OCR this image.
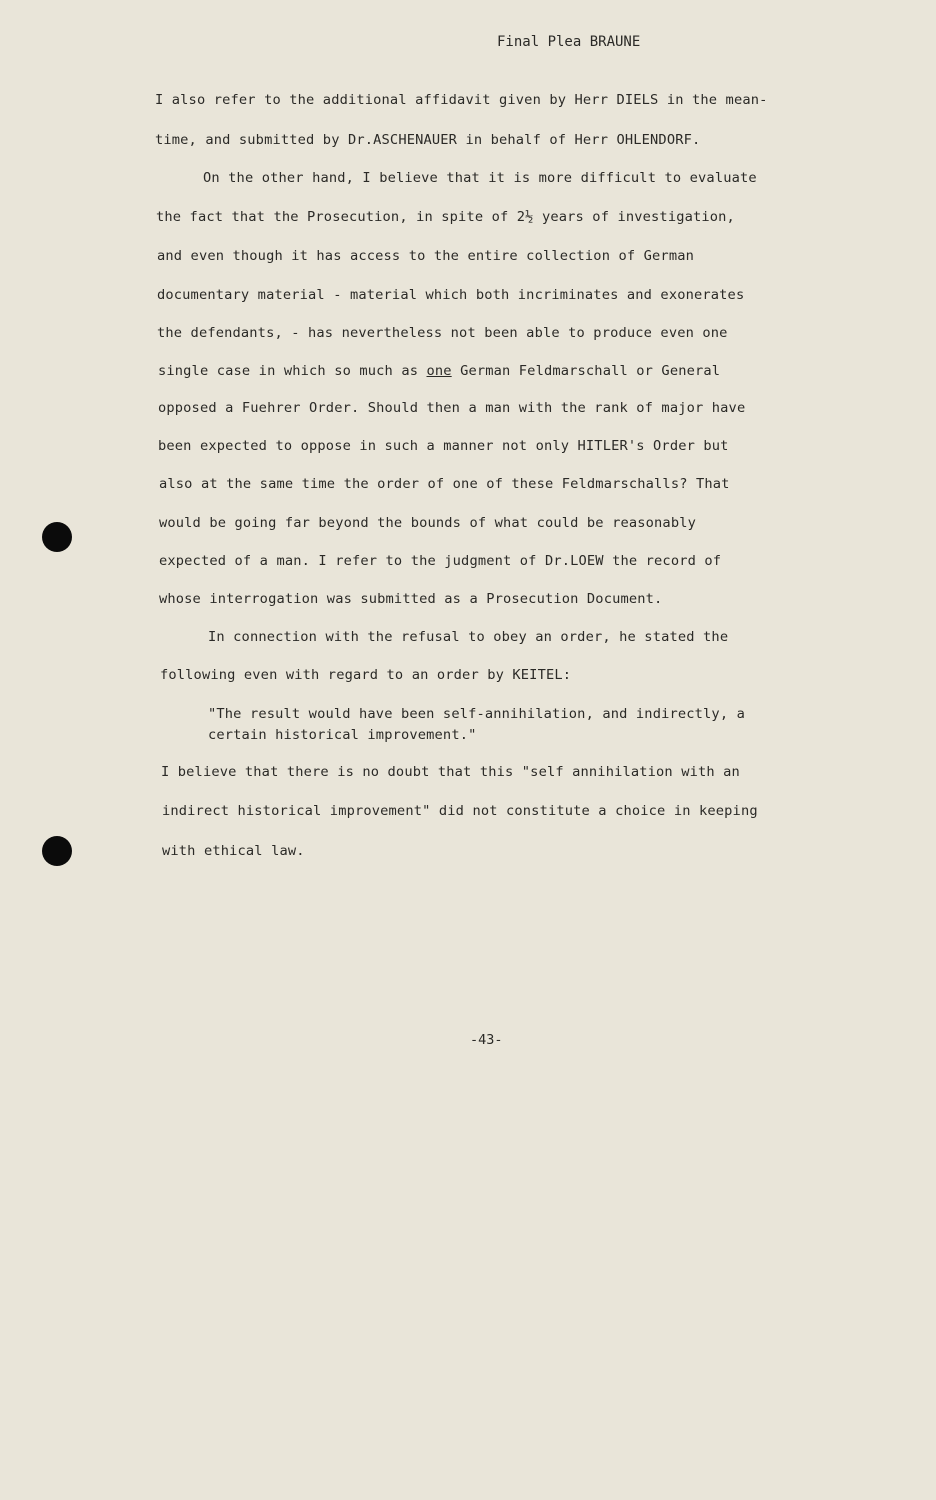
Final Plea BRAUNE
I also refer to the additional affidavit given by Herr DIELS in the mean-
time, and submitted by Dr.ASCHENAUER in behalf of Herr OHLENDORF.
On the other hand, I believe that it is more difficult to evaluate
the fact that the Prosecution, in spite of 2½ years of investigation,
and even though it has access to the entire collection of German
documentary material - material which both incriminates and exonerates
the defendants, - has nevertheless not been able to produce even one
single case in which so much as one German Feldmarschall or General
opposed a Fuehrer Order. Should then a man with the rank of major have
been expected to oppose in such a manner not only HITLER's Order but
also at the same time the order of one of these Feldmarschalls? That
would be going far beyond the bounds of what could be reasonably
expected of a man. I refer to the judgment of Dr.LOEW the record of
whose interrogation was submitted as a Prosecution Document.
In connection with the refusal to obey an order, he stated the
following even with regard to an order by KEITEL:
"The result would have been self-annihilation, and indirectly, a
certain historical improvement."
I believe that there is no doubt that this "self annihilation with an
indirect historical improvement" did not constitute a choice in keeping
with ethical law.
-43-
